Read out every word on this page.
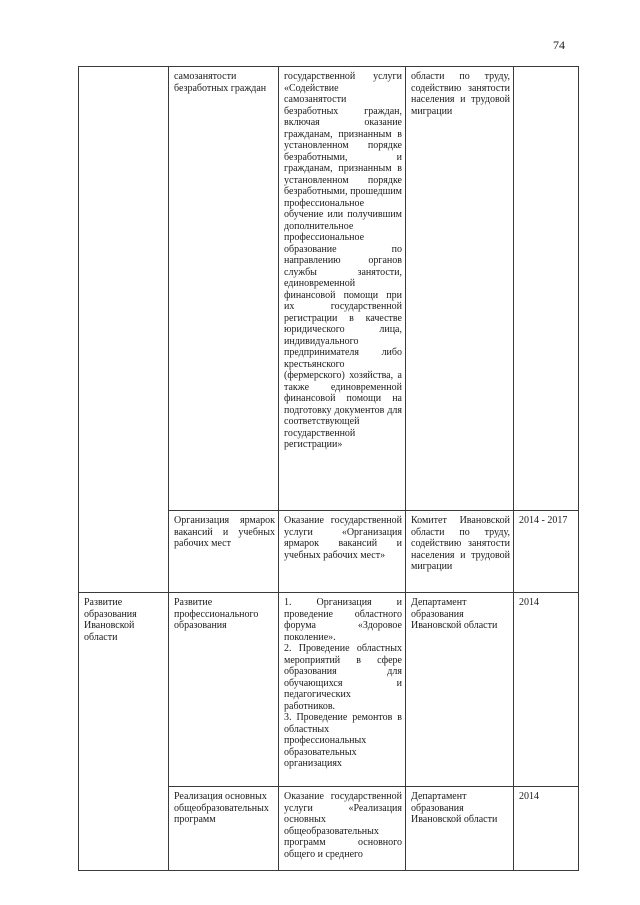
74

	самозанятости безработных граждан	государственной услуги «Содействие самозанятости безработных граждан, включая оказание гражданам, признанным в установленном порядке безработными, и гражданам, признанным в установленном порядке безработными, прошедшим профессиональное обучение или получившим дополнительное профессиональное образование по направлению органов службы занятости, единовременной финансовой помощи при их государственной регистрации в качестве юридического лица, индивидуального предпринимателя либо крестьянского (фермерского) хозяйства, а также единовременной финансовой помощи на подготовку документов для соответствующей государственной регистрации»	области по труду, содействию занятости населения и трудовой миграции	

	Организация ярмарок вакансий и учебных рабочих мест	Оказание государственной услуги «Организация ярмарок вакансий и учебных рабочих мест»	Комитет Ивановской области по труду, содействию занятости населения и трудовой миграции	2014 - 2017

Развитие образования Ивановской области	Развитие профессионального образования	1. Организация и проведение областного форума «Здоровое поколение».
2. Проведение областных мероприятий в сфере образования для обучающихся и педагогических работников.
3. Проведение ремонтов в областных профессиональных образовательных организациях	Департамент образования Ивановской области	2014

	Реализация основных общеобразовательных программ	Оказание государственной услуги «Реализация основных общеобразовательных программ основного общего и среднего	Департамент образования Ивановской области	2014
